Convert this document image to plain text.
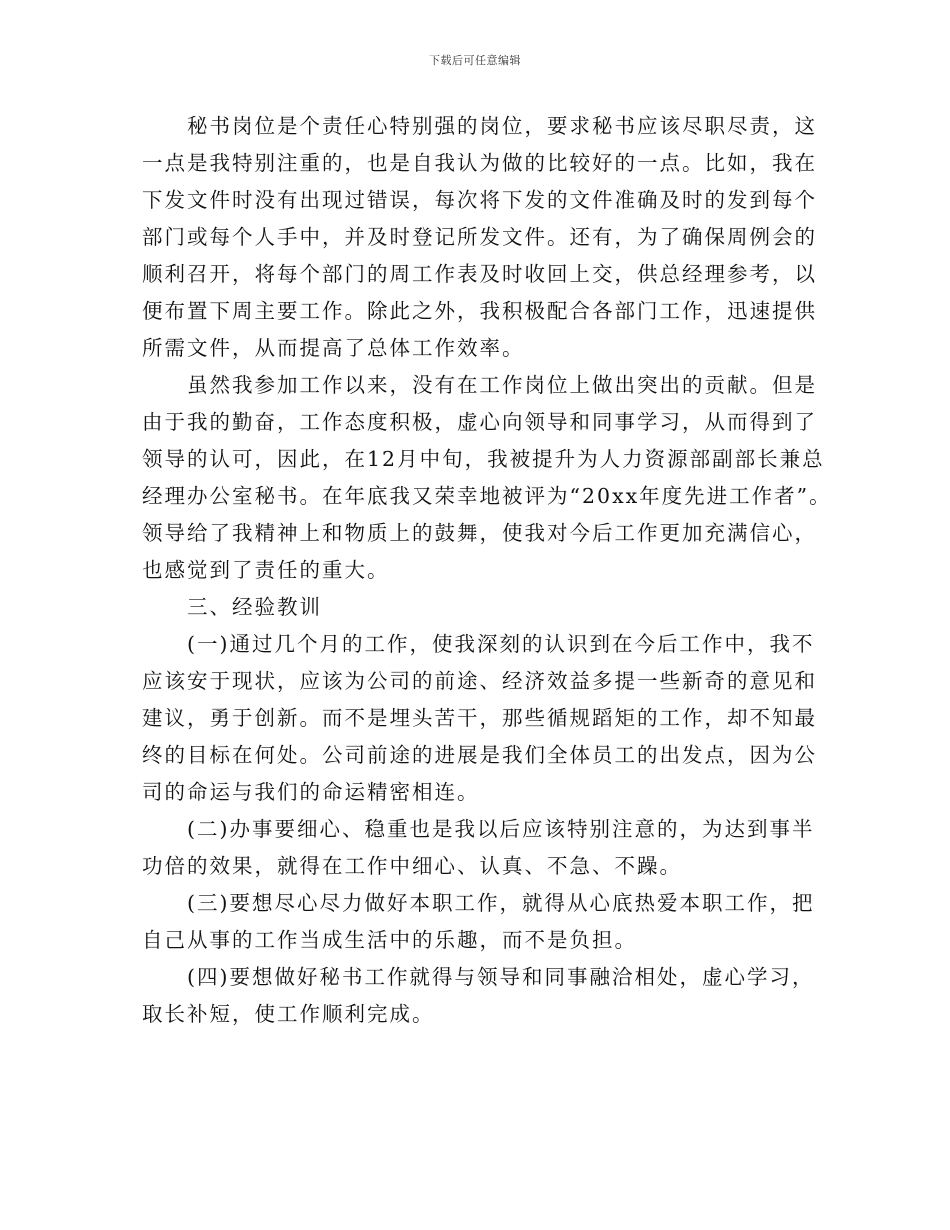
下载后可任意编辑
秘书岗位是个责任心特别强的岗位，要求秘书应该尽职尽责，这
一点是我特别注重的，也是自我认为做的比较好的一点。比如，我在
下发文件时没有出现过错误，每次将下发的文件准确及时的发到每个
部门或每个人手中，并及时登记所发文件。还有，为了确保周例会的
顺利召开，将每个部门的周工作表及时收回上交，供总经理参考，以
便布置下周主要工作。除此之外，我积极配合各部门工作，迅速提供
所需文件，从而提高了总体工作效率。
虽然我参加工作以来，没有在工作岗位上做出突出的贡献。但是
由于我的勤奋，工作态度积极，虚心向领导和同事学习，从而得到了
领导的认可，因此，在12月中旬，我被提升为人力资源部副部长兼总
经理办公室秘书。在年底我又荣幸地被评为“20xx年度先进工作者”。
领导给了我精神上和物质上的鼓舞，使我对今后工作更加充满信心，
也感觉到了责任的重大。
三、经验教训
(一)通过几个月的工作，使我深刻的认识到在今后工作中，我不
应该安于现状，应该为公司的前途、经济效益多提一些新奇的意见和
建议，勇于创新。而不是埋头苦干，那些循规蹈矩的工作，却不知最
终的目标在何处。公司前途的进展是我们全体员工的出发点，因为公
司的命运与我们的命运精密相连。
(二)办事要细心、稳重也是我以后应该特别注意的，为达到事半
功倍的效果，就得在工作中细心、认真、不急、不躁。
(三)要想尽心尽力做好本职工作，就得从心底热爱本职工作，把
自己从事的工作当成生活中的乐趣，而不是负担。
(四)要想做好秘书工作就得与领导和同事融洽相处，虚心学习，
取长补短，使工作顺利完成。
